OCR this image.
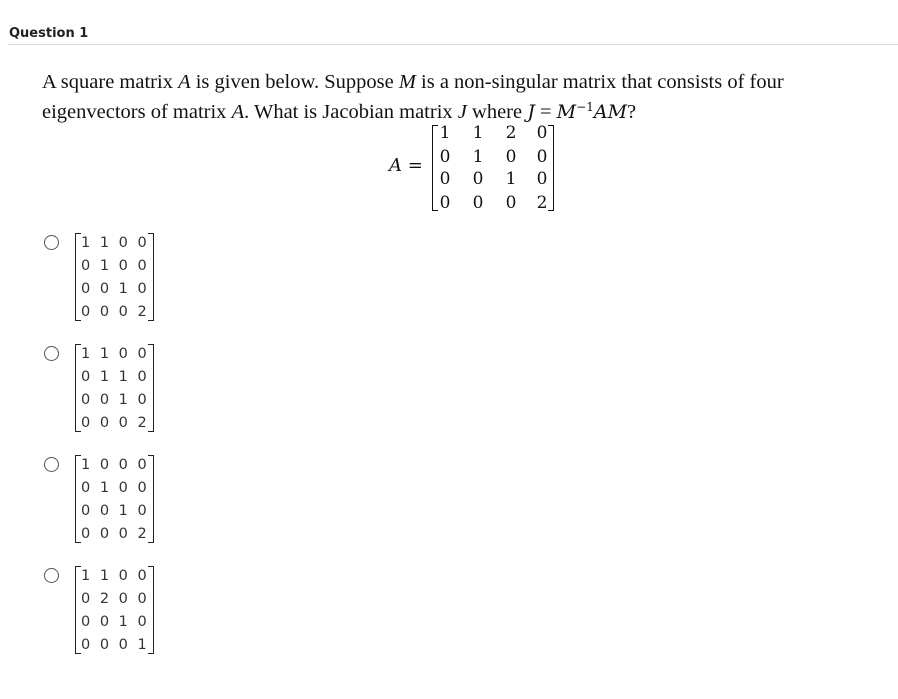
Question 1
A square matrix A is given below. Suppose M is a non-singular matrix that consists of four eigenvectors of matrix A. What is Jacobian matrix J where $J = M^{-1}AM$?
A =
1 1 2 0
0 1 0 0
0 0 1 0
0 0 0 2
1 1 0 0
0 1 0 0
0 0 1 0
0 0 0 2
1 1 0 0
0 1 1 0
0 0 1 0
0 0 0 2
1 0 0 0
0 1 0 0
0 0 1 0
0 0 0 2
1 1 0 0
0 2 0 0
0 0 1 0
0 0 0 1
